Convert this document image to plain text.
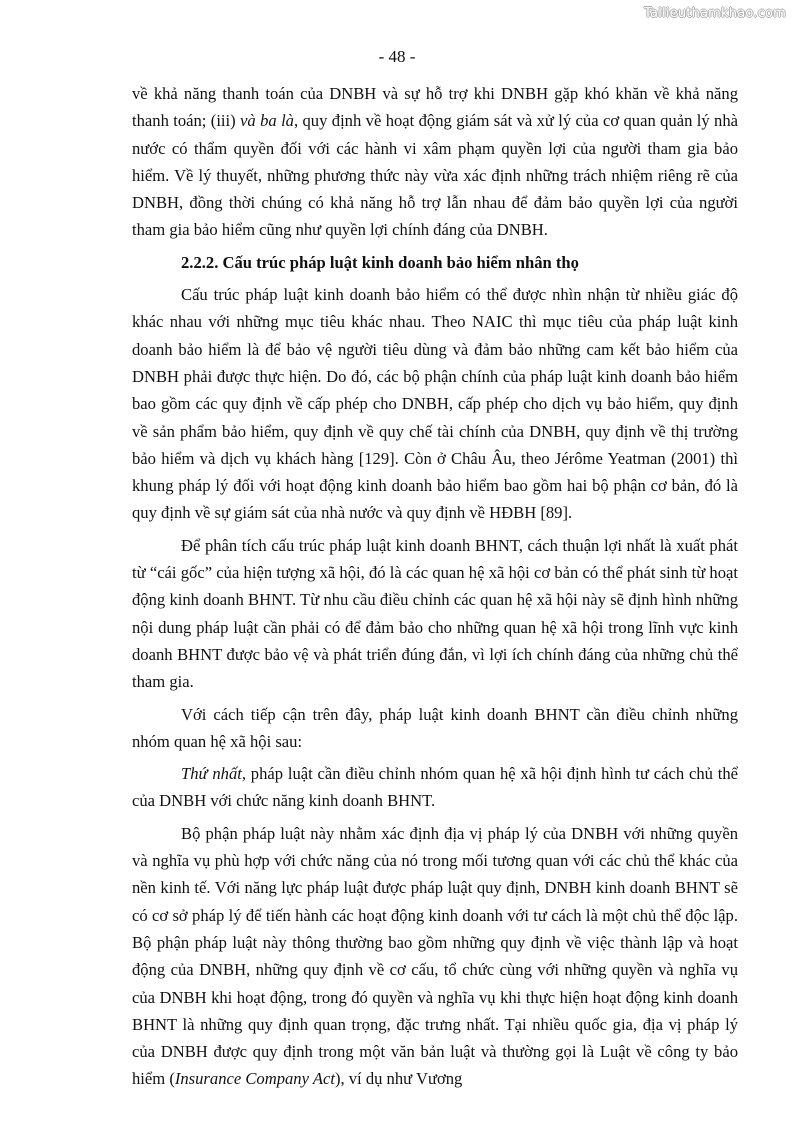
Tailieuthamkhao.com
- 48 -

về khả năng thanh toán của DNBH và sự hỗ trợ khi DNBH gặp khó khăn về khả năng thanh toán; (iii) và ba là, quy định về hoạt động giám sát và xử lý của cơ quan quản lý nhà nước có thẩm quyền đối với các hành vi xâm phạm quyền lợi của người tham gia bảo hiểm. Về lý thuyết, những phương thức này vừa xác định những trách nhiệm riêng rẽ của DNBH, đồng thời chúng có khả năng hỗ trợ lẫn nhau để đảm bảo quyền lợi của người tham gia bảo hiểm cũng như quyền lợi chính đáng của DNBH.

2.2.2. Cấu trúc pháp luật kinh doanh bảo hiểm nhân thọ

Cấu trúc pháp luật kinh doanh bảo hiểm có thể được nhìn nhận từ nhiều giác độ khác nhau với những mục tiêu khác nhau. Theo NAIC thì mục tiêu của pháp luật kinh doanh bảo hiểm là để bảo vệ người tiêu dùng và đảm bảo những cam kết bảo hiểm của DNBH phải được thực hiện. Do đó, các bộ phận chính của pháp luật kinh doanh bảo hiểm bao gồm các quy định về cấp phép cho DNBH, cấp phép cho dịch vụ bảo hiểm, quy định về sản phẩm bảo hiểm, quy định về quy chế tài chính của DNBH, quy định về thị trường bảo hiểm và dịch vụ khách hàng [129]. Còn ở Châu Âu, theo Jérôme Yeatman (2001) thì khung pháp lý đối với hoạt động kinh doanh bảo hiểm bao gồm hai bộ phận cơ bản, đó là quy định về sự giám sát của nhà nước và quy định về HĐBH [89].

Để phân tích cấu trúc pháp luật kinh doanh BHNT, cách thuận lợi nhất là xuất phát từ “cái gốc” của hiện tượng xã hội, đó là các quan hệ xã hội cơ bản có thể phát sinh từ hoạt động kinh doanh BHNT. Từ nhu cầu điều chỉnh các quan hệ xã hội này sẽ định hình những nội dung pháp luật cần phải có để đảm bảo cho những quan hệ xã hội trong lĩnh vực kinh doanh BHNT được bảo vệ và phát triển đúng đắn, vì lợi ích chính đáng của những chủ thể tham gia.

Với cách tiếp cận trên đây, pháp luật kinh doanh BHNT cần điều chỉnh những nhóm quan hệ xã hội sau:

Thứ nhất, pháp luật cần điều chỉnh nhóm quan hệ xã hội định hình tư cách chủ thể của DNBH với chức năng kinh doanh BHNT.

Bộ phận pháp luật này nhằm xác định địa vị pháp lý của DNBH với những quyền và nghĩa vụ phù hợp với chức năng của nó trong mối tương quan với các chủ thể khác của nền kinh tế. Với năng lực pháp luật được pháp luật quy định, DNBH kinh doanh BHNT sẽ có cơ sở pháp lý để tiến hành các hoạt động kinh doanh với tư cách là một chủ thể độc lập. Bộ phận pháp luật này thông thường bao gồm những quy định về việc thành lập và hoạt động của DNBH, những quy định về cơ cấu, tổ chức cùng với những quyền và nghĩa vụ của DNBH khi hoạt động, trong đó quyền và nghĩa vụ khi thực hiện hoạt động kinh doanh BHNT là những quy định quan trọng, đặc trưng nhất. Tại nhiều quốc gia, địa vị pháp lý của DNBH được quy định trong một văn bản luật và thường gọi là Luật về công ty bảo hiểm (Insurance Company Act), ví dụ như Vương
